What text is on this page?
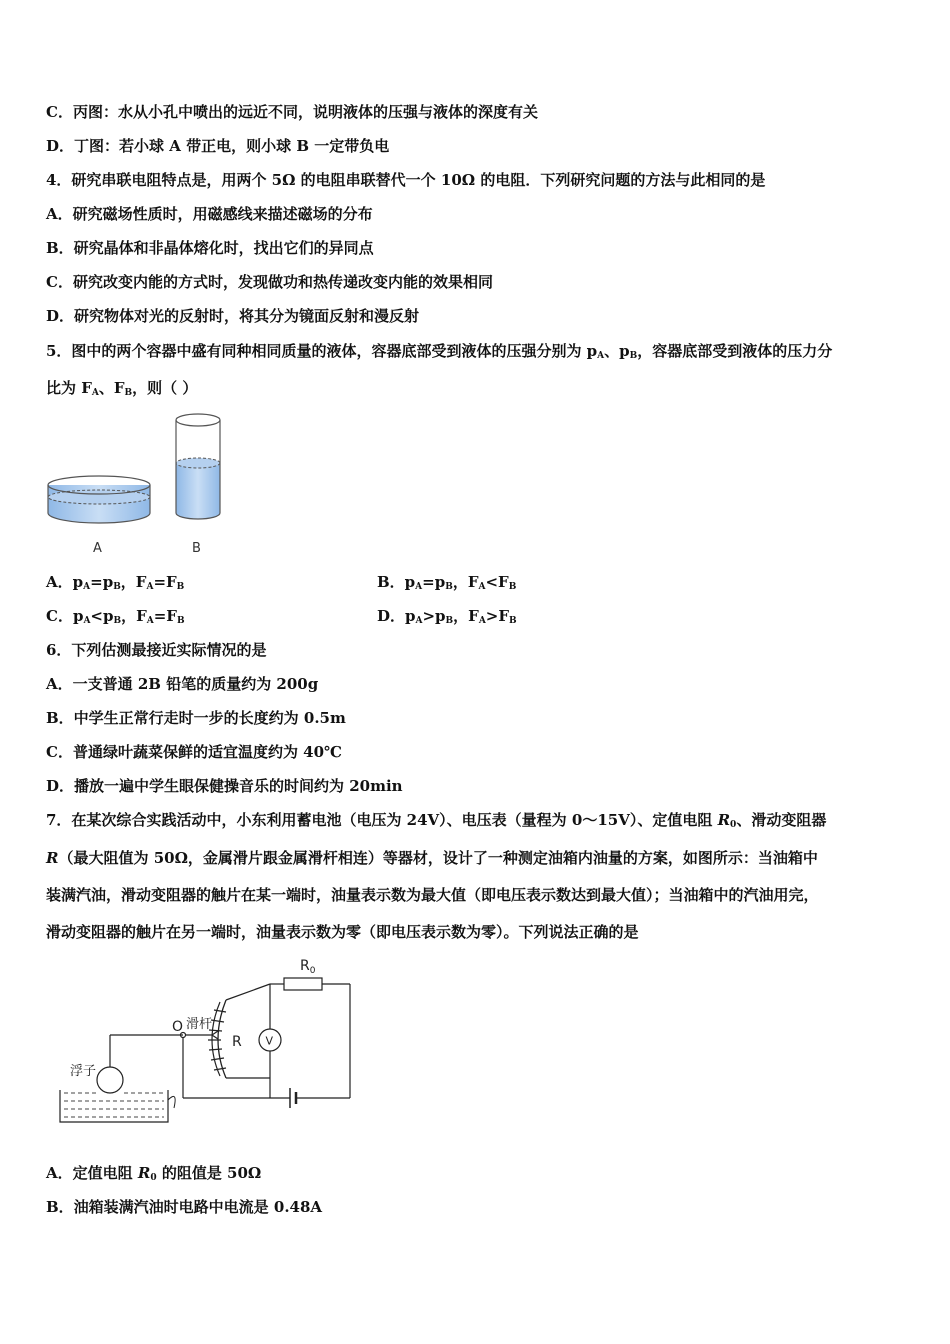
C．丙图：水从小孔中喷出的远近不同，说明液体的压强与液体的深度有关
D．丁图：若小球 A 带正电，则小球 B 一定带负电
4．研究串联电阻特点是，用两个 5Ω 的电阻串联替代一个 10Ω 的电阻．下列研究问题的方法与此相同的是
A．研究磁场性质时，用磁感线来描述磁场的分布
B．研究晶体和非晶体熔化时，找出它们的异同点
C．研究改变内能的方式时，发现做功和热传递改变内能的效果相同
D．研究物体对光的反射时，将其分为镜面反射和漫反射
5．图中的两个容器中盛有同种相同质量的液体，容器底部受到液体的压强分别为 $p_A$、$p_B$，容器底部受到液体的压力分
比为 $F_A$、$F_B$，则（ ）
A	B
A．$p_A=p_B$，$F_A=F_B$	B．$p_A=p_B$，$F_A<F_B$
C．$p_A<p_B$，$F_A=F_B$	D．$p_A>p_B$，$F_A>F_B$
6．下列估测最接近实际情况的是
A．一支普通 2B 铅笔的质量约为 200g
B．中学生正常行走时一步的长度约为 0.5m
C．普通绿叶蔬菜保鲜的适宜温度约为 40℃
D．播放一遍中学生眼保健操音乐的时间约为 20min
7．在某次综合实践活动中，小东利用蓄电池（电压为 24V）、电压表（量程为 0～15V）、定值电阻 $R_0$、滑动变阻器
R（最大阻值为 50Ω，金属滑片跟金属滑杆相连）等器材，设计了一种测定油箱内油量的方案，如图所示：当油箱中
装满汽油，滑动变阻器的触片在某一端时，油量表示数为最大值（即电压表示数达到最大值）；当油箱中的汽油用完，
滑动变阻器的触片在另一端时，油量表示数为零（即电压表示数为零）。下列说法正确的是
$R_0$
O 滑杆
R V
浮子
A．定值电阻 $R_0$ 的阻值是 50Ω
B．油箱装满汽油时电路中电流是 0.48A
